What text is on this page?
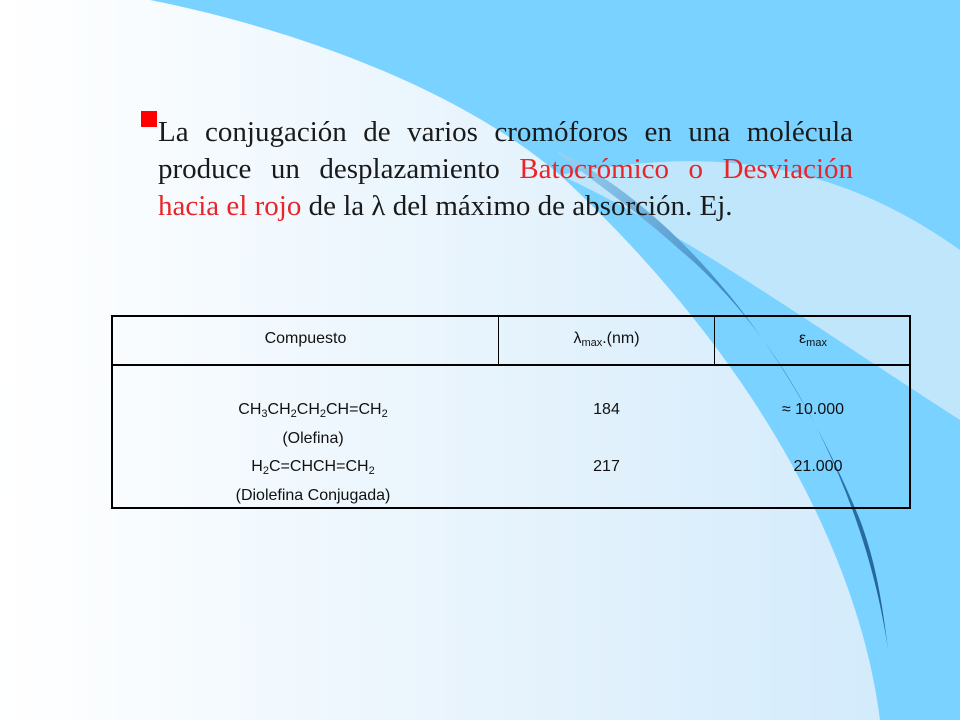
La conjugación de varios cromóforos en una molécula produce un desplazamiento Batocrómico o Desviación hacia el rojo de la λ del máximo de absorción. Ej.

Compuesto	$\lambda_{max}.(nm)$	$\varepsilon_{max}$
$CH_3CH_2CH_2CH=CH_2$
(Olefina)
$H_2C=CHCH=CH_2$
(Diolefina Conjugada)
184
217
≈ 10.000
21.000
